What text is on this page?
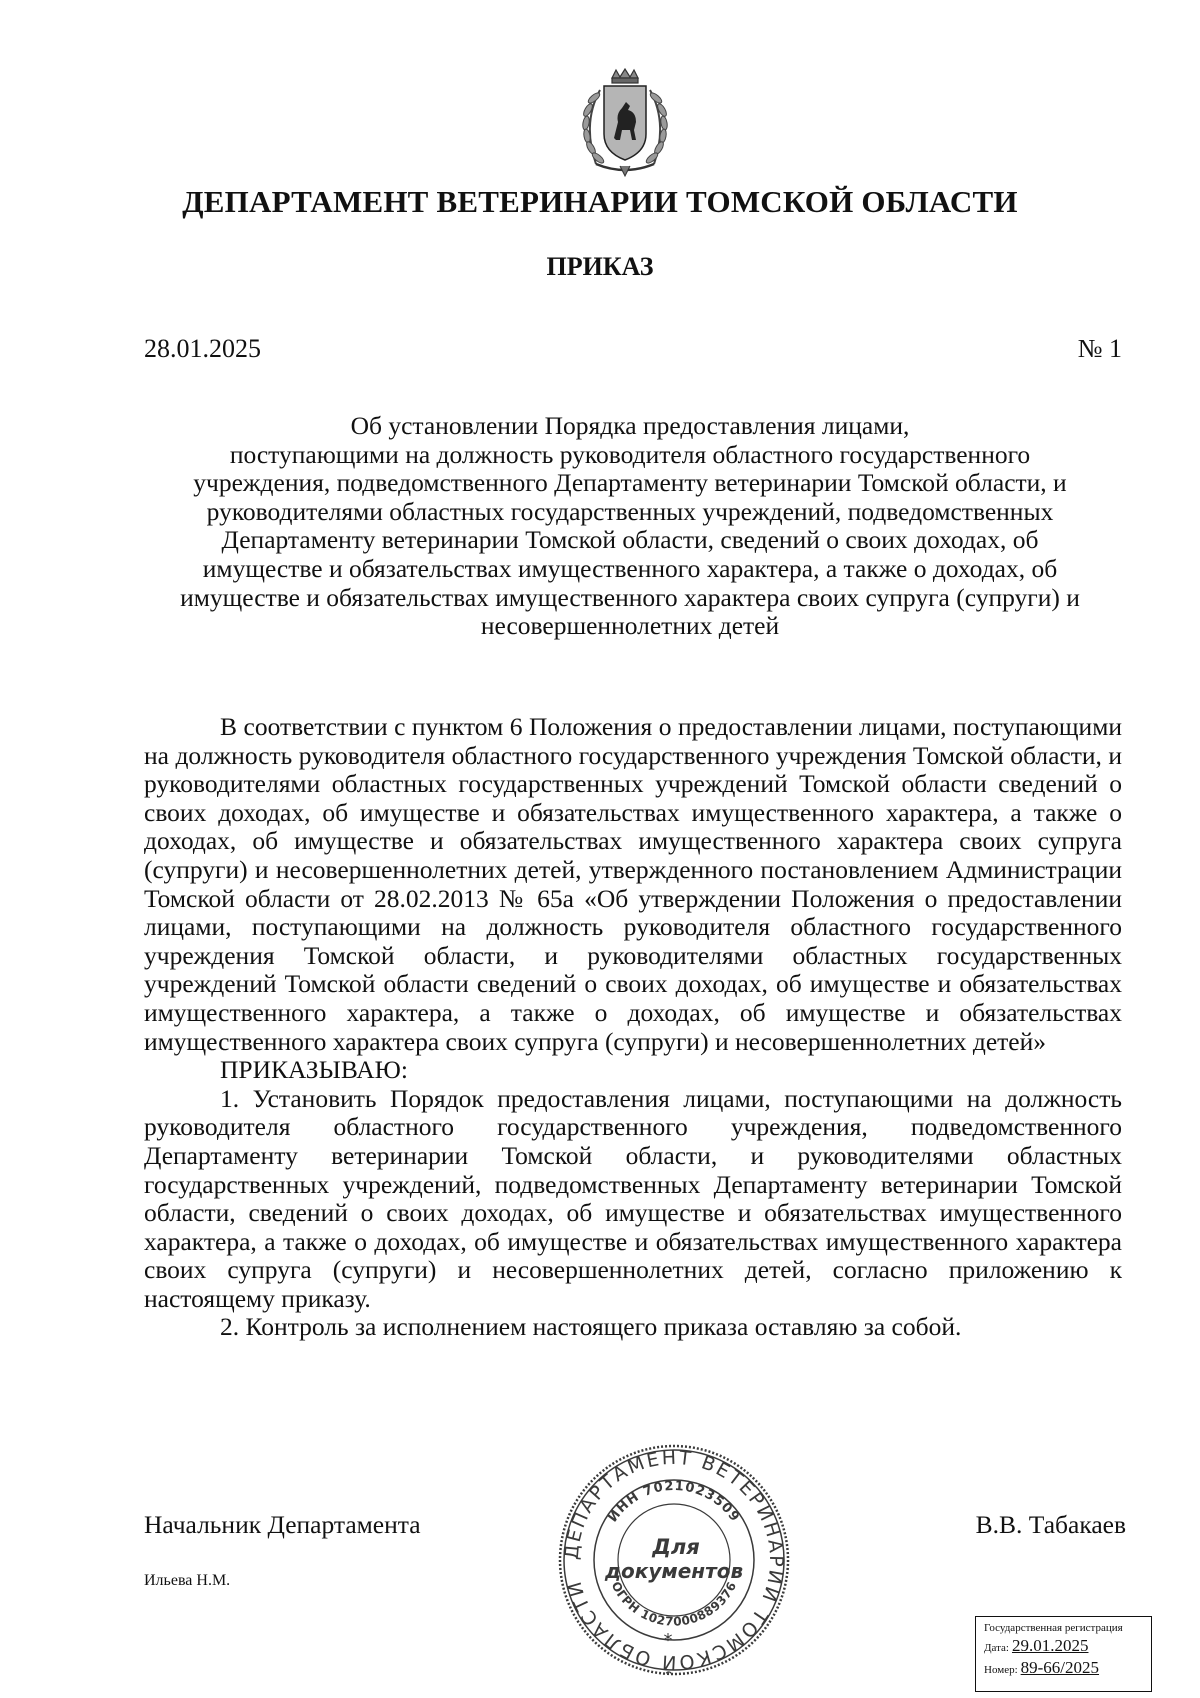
ДЕПАРТАМЕНТ ВЕТЕРИНАРИИ ТОМСКОЙ ОБЛАСТИ
ПРИКАЗ
28.01.2025	№ 1
Об установлении Порядка предоставления лицами,
поступающими на должность руководителя областного государственного
учреждения, подведомственного Департаменту ветеринарии Томской области, и
руководителями областных государственных учреждений, подведомственных
Департаменту ветеринарии Томской области, сведений о своих доходах, об
имуществе и обязательствах имущественного характера, а также о доходах, об
имуществе и обязательствах имущественного характера своих супруга (супруги) и
несовершеннолетних детей

В соответствии с пунктом 6 Положения о предоставлении лицами, поступающими на должность руководителя областного государственного учреждения Томской области, и руководителями областных государственных учреждений Томской области сведений о своих доходах, об имуществе и обязательствах имущественного характера, а также о доходах, об имуществе и обязательствах имущественного характера своих супруга (супруги) и несовершеннолетних детей, утвержденного постановлением Администрации Томской области от 28.02.2013 № 65а «Об утверждении Положения о предоставлении лицами, поступающими на должность руководителя областного государственного учреждения Томской области, и руководителями областных государственных учреждений Томской области сведений о своих доходах, об имуществе и обязательствах имущественного характера, а также о доходах, об имуществе и обязательствах имущественного характера своих супруга (супруги) и несовершеннолетних детей»

ПРИКАЗЫВАЮ:

1. Установить Порядок предоставления лицами, поступающими на должность руководителя областного государственного учреждения, подведомственного Департаменту ветеринарии Томской области, и руководителями областных государственных учреждений, подведомственных Департаменту ветеринарии Томской области, сведений о своих доходах, об имуществе и обязательствах имущественного характера, а также о доходах, об имуществе и обязательствах имущественного характера своих супруга (супруги) и несовершеннолетних детей, согласно приложению к настоящему приказу.

2. Контроль за исполнением настоящего приказа оставляю за собой.

Начальник Департамента	В.В. Табакаев
Ильева Н.М.
ДЕПАРТАМЕНТ ВЕТЕРИНАРИИ ТОМСКОЙ ОБЛАСТИ
ИНН 7021023509
ОГРН 1027000889376
Для
документов
*
Государственная регистрация
Дата: 29.01.2025
Номер: 89-66/2025
